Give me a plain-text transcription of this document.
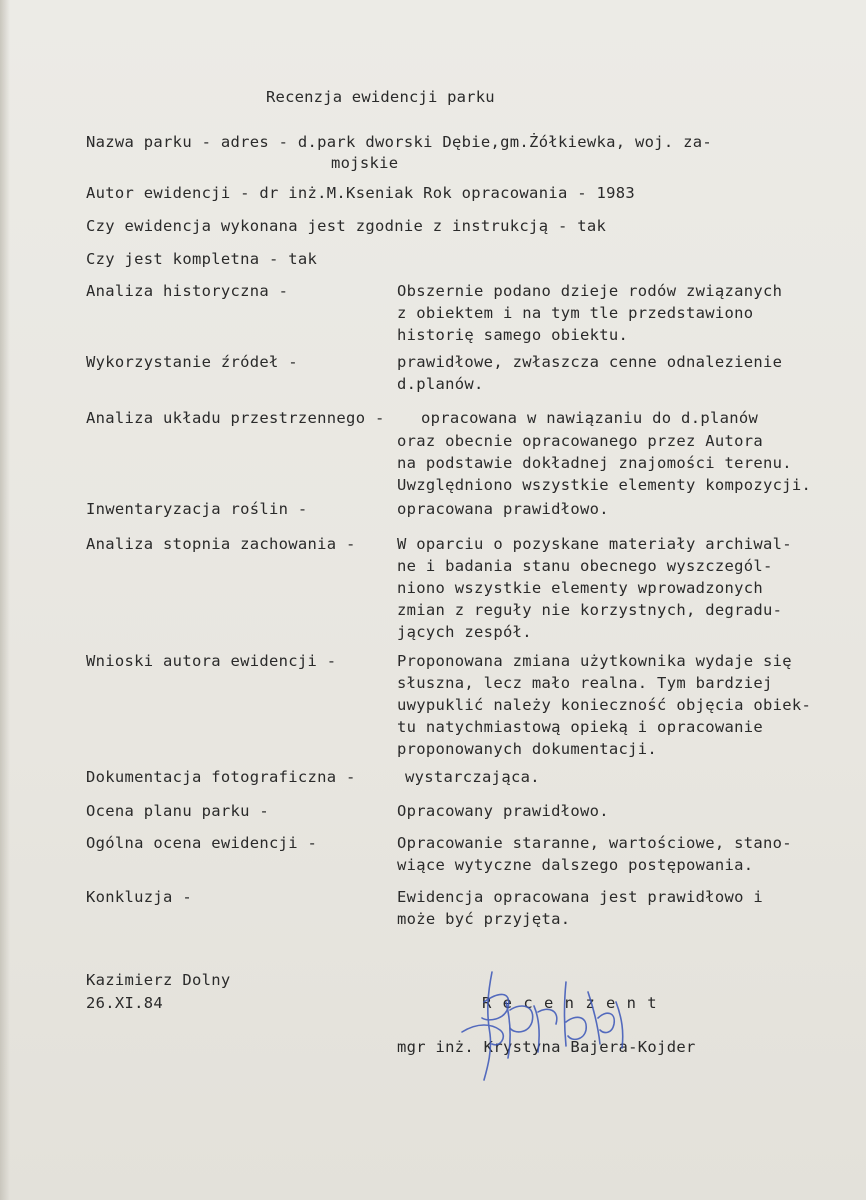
Recenzja ewidencji parku
Nazwa parku - adres - d.park dworski Dębie,gm.Żółkiewka, woj. za-
mojskie
Autor ewidencji - dr inż.M.Kseniak Rok opracowania - 1983
Czy ewidencja wykonana jest zgodnie z instrukcją - tak
Czy jest kompletna - tak
Analiza historyczna -	Obszernie podano dzieje rodów związanych
z obiektem i na tym tle przedstawiono
historię samego obiektu.
Wykorzystanie źródeł -	prawidłowe, zwłaszcza cenne odnalezienie
d.planów.
Analiza układu przestrzennego - opracowana w nawiązaniu do d.planów
oraz obecnie opracowanego przez Autora
na podstawie dokładnej znajomości terenu.
Uwzględniono wszystkie elementy kompozycji.
Inwentaryzacja roślin -	opracowana prawidłowo.
Analiza stopnia zachowania -	W oparciu o pozyskane materiały archiwal-
ne i badania stanu obecnego wyszczegól-
niono wszystkie elementy wprowadzonych
zmian z reguły nie korzystnych, degradu-
jących zespół.
Wnioski autora ewidencji -	Proponowana zmiana użytkownika wydaje się
słuszna, lecz mało realna. Tym bardziej
uwypuklić należy konieczność objęcia obiek-
tu natychmiastową opieką i opracowanie
proponowanych dokumentacji.
Dokumentacja fotograficzna -	wystarczająca.
Ocena planu parku -	Opracowany prawidłowo.
Ogólna ocena ewidencji -	Opracowanie staranne, wartościowe, stano-
wiące wytyczne dalszego postępowania.
Konkluzja -	Ewidencja opracowana jest prawidłowo i
może być przyjęta.
Kazimierz Dolny
26.XI.84	R e c e n z e n t
mgr inż. Krystyna Bajera-Kojder
